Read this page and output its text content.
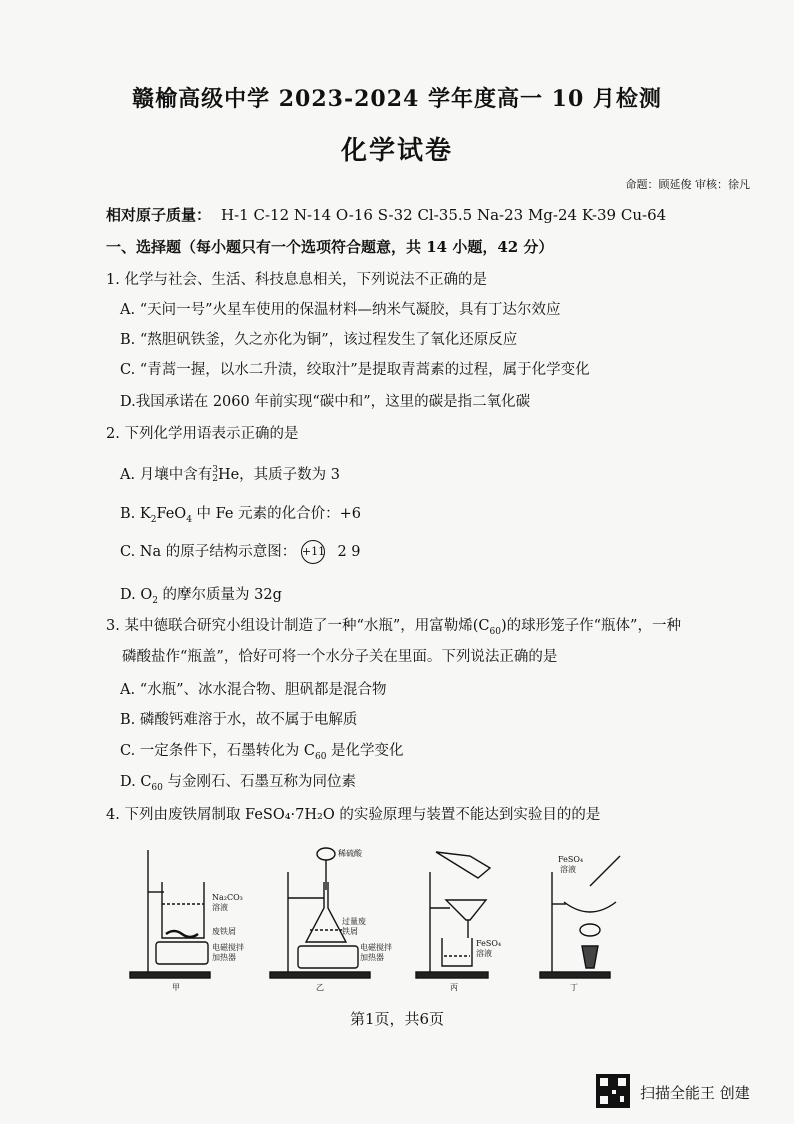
赣榆高级中学 2023-2024 学年度高一 10 月检测
化学试卷
命题：顾延俊 审核：徐凡
相对原子质量： H-1 C-12 N-14 O-16 S-32 Cl-35.5 Na-23 Mg-24 K-39 Cu-64
一、选择题（每小题只有一个选项符合题意，共 14 小题，42 分）
1. 化学与社会、生活、科技息息相关，下列说法不正确的是
A. “天问一号”火星车使用的保温材料—纳米气凝胶，具有丁达尔效应
B. “熬胆矾铁釜，久之亦化为铜”，该过程发生了氧化还原反应
C. “青蒿一握，以水二升渍，绞取汁”是提取青蒿素的过程，属于化学变化
D.我国承诺在 2060 年前实现“碳中和”，这里的碳是指二氧化碳
2. 下列化学用语表示正确的是
A. 月壤中含有 3
2 He，其质子数为 3
B. $K_2FeO_4$ 中 Fe 元素的化合价：+6
C. Na 的原子结构示意图： +11 2 9
D. $O_2$ 的摩尔质量为 32g
3. 某中德联合研究小组设计制造了一种“水瓶”，用富勒烯$(C_{60})$的球形笼子作“瓶体”，一种
磷酸盐作“瓶盖”，恰好可将一个水分子关在里面。下列说法正确的是
A. “水瓶”、冰水混合物、胆矾都是混合物
B. 磷酸钙难溶于水，故不属于电解质
C. 一定条件下，石墨转化为 $C_{60}$ 是化学变化
D. $C_{60}$ 与金刚石、石墨互称为同位素
4. 下列由废铁屑制取 FeSO₄·7H₂O 的实验原理与装置不能达到实验目的的是
Na₂CO₃
溶液
废铁屑
电磁搅拌
加热器
甲
稀硫酸
过量废
铁屑
电磁搅拌
加热器
乙
FeSO₄
溶液
丙
FeSO₄
溶液
丁
第1页，共6页
扫描全能王 创建
